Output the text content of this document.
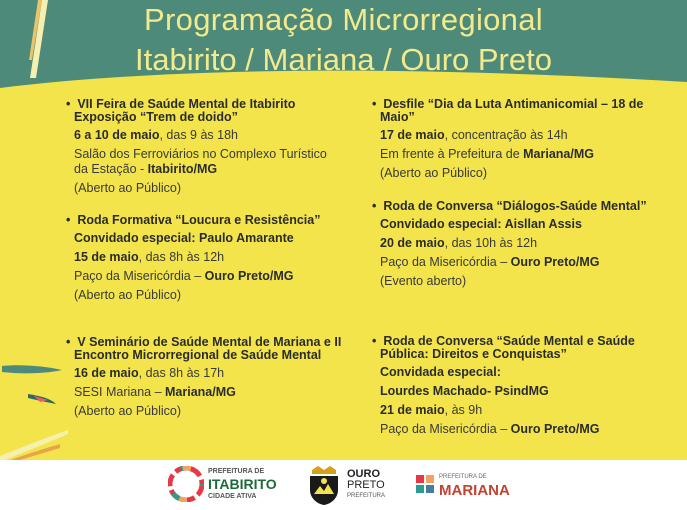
Programação Microrregional
Itabirito / Mariana / Ouro Preto
•  VII Feira de Saúde Mental de Itabirito Exposição “Trem de doido”
6 a 10 de maio, das 9 às 18h
Salão dos Ferroviários no Complexo Turístico da Estação - Itabirito/MG
(Aberto ao Público)
•  Roda Formativa “Loucura e Resistência”
Convidado especial: Paulo Amarante
15 de maio, das 8h às 12h
Paço da Misericórdia – Ouro Preto/MG
(Aberto ao Público)
•  V Seminário de Saúde Mental de Mariana e II Encontro Microrregional de Saúde Mental
16 de maio, das 8h às 17h
SESI Mariana – Mariana/MG
(Aberto ao Público)
•  Desfile “Dia da Luta Antimanicomial – 18 de Maio”
17 de maio, concentração às 14h
Em frente à Prefeitura de Mariana/MG
(Aberto ao Público)
•  Roda de Conversa “Diálogos-Saúde Mental”
Convidado especial: Aisllan Assis
20 de maio, das 10h às 12h
Paço da Misericórdia – Ouro Preto/MG
(Evento aberto)
•  Roda de Conversa “Saúde Mental e Saúde Pública: Direitos e Conquistas”
Convidada especial:
Lourdes Machado- PsindMG
21 de maio, às 9h
Paço da Misericórdia – Ouro Preto/MG
PREFEITURA DE
ITABIRITO
CIDADE ATIVA
OURO
PRETO
PREFEITURA
PREFEITURA DE
MARIANA
